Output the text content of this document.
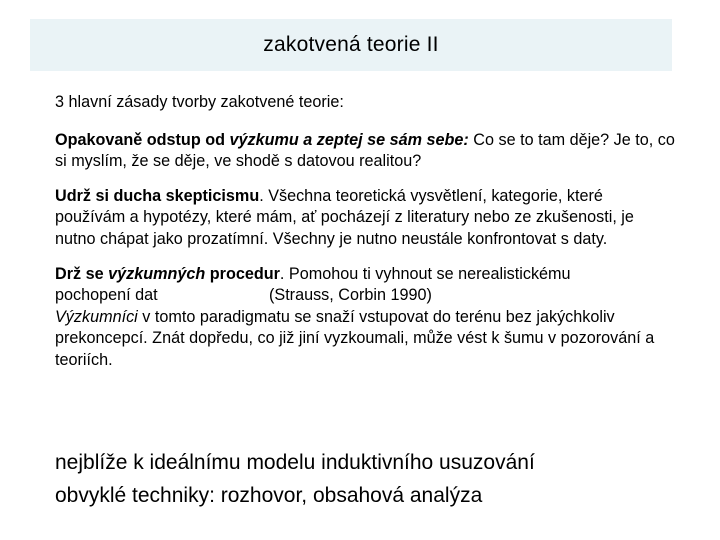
zakotvená teorie II

3 hlavní zásady tvorby zakotvené teorie:

Opakovaně odstup od výzkumu a zeptej se sám sebe: Co se to tam děje? Je to, co si myslím, že se děje, ve shodě s datovou realitou?

Udrž si ducha skepticismu. Všechna teoretická vysvětlení, kategorie, které používám a hypotézy, které mám, ať pocházejí z literatury nebo ze zkušenosti, je nutno chápat jako prozatímní. Všechny je nutno neustále konfrontovat s daty.

Drž se výzkumných procedur. Pomohou ti vyhnout se nerealistickému

pochopení dat	(Strauss, Corbin 1990)

Výzkumníci v tomto paradigmatu se snaží vstupovat do terénu bez jakýchkoliv prekoncepcí. Znát dopředu, co již jiní vyzkoumali, může vést k šumu v pozorování a teoriích.

nejblíže k ideálnímu modelu induktivního usuzování
obvyklé techniky: rozhovor, obsahová analýza
